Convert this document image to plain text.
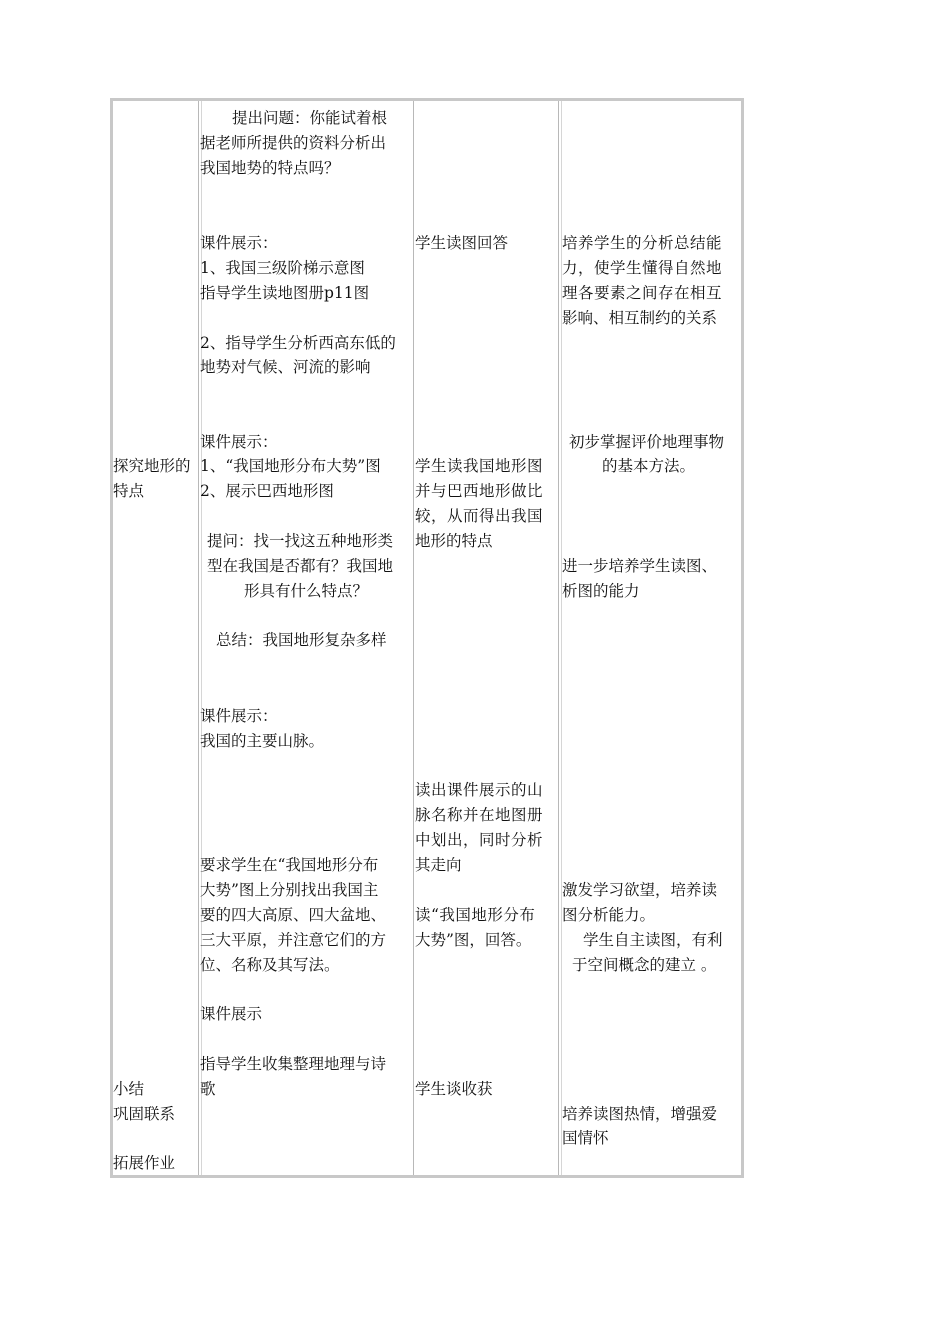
探究地形的
特点
小结
巩固联系
拓展作业
提出问题：你能试着根
据老师所提供的资料分析出
我国地势的特点吗？
课件展示：
1、我国三级阶梯示意图
指导学生读地图册p11图
2、指导学生分析西高东低的
地势对气候、河流的影响
课件展示：
1、“我国地形分布大势”图
2、展示巴西地形图
提问：找一找这五种地形类
型在我国是否都有？我国地
形具有什么特点？
总结：我国地形复杂多样
课件展示：
我国的主要山脉。
要求学生在“我国地形分布
大势”图上分别找出我国主
要的四大高原、四大盆地、
三大平原，并注意它们的方
位、名称及其写法。
课件展示
指导学生收集整理地理与诗
歌
学生读图回答
学生读我国地形图
并与巴西地形做比
较，从而得出我国
地形的特点
读出课件展示的山
脉名称并在地图册
中划出，同时分析
其走向
读“我国地形分布
大势”图，回答。
学生谈收获
培养学生的分析总结能
力，使学生懂得自然地
理各要素之间存在相互
影响、相互制约的关系
初步掌握评价地理事物
的基本方法。
进一步培养学生读图、
析图的能力
激发学习欲望，培养读
图分析能力。
学生自主读图，有利
于空间概念的建立 。
培养读图热情，增强爱
国情怀
